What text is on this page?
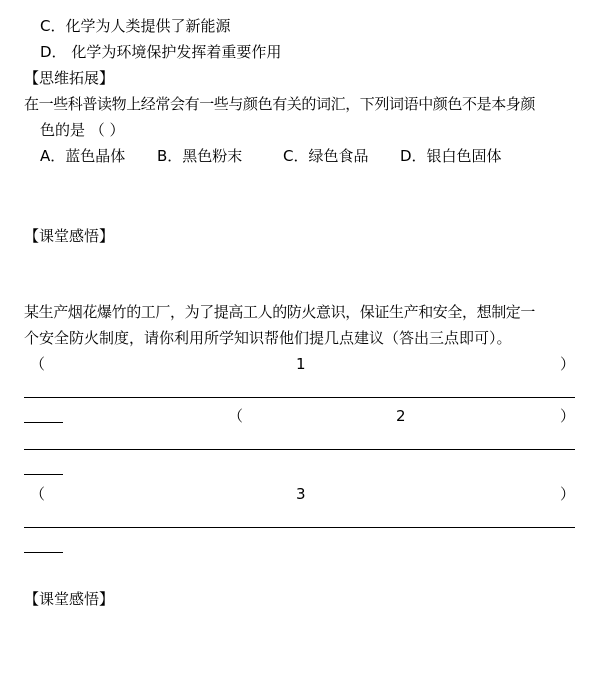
C．化学为人类提供了新能源
D． 化学为环境保护发挥着重要作用
【思维拓展】
在一些科普读物上经常会有一些与颜色有关的词汇，下列词语中颜色不是本身颜
色的是 （ ）
A．蓝色晶体 B．黑色粉末	C．绿色食品 D．银白色固体
【课堂感悟】
某生产烟花爆竹的工厂，为了提高工人的防火意识，保证生产和安全，想制定一
个安全防火制度，请你利用所学知识帮他们提几点建议（答出三点即可）。
（	1	）
（	2	）
（	3	）
【课堂感悟】
